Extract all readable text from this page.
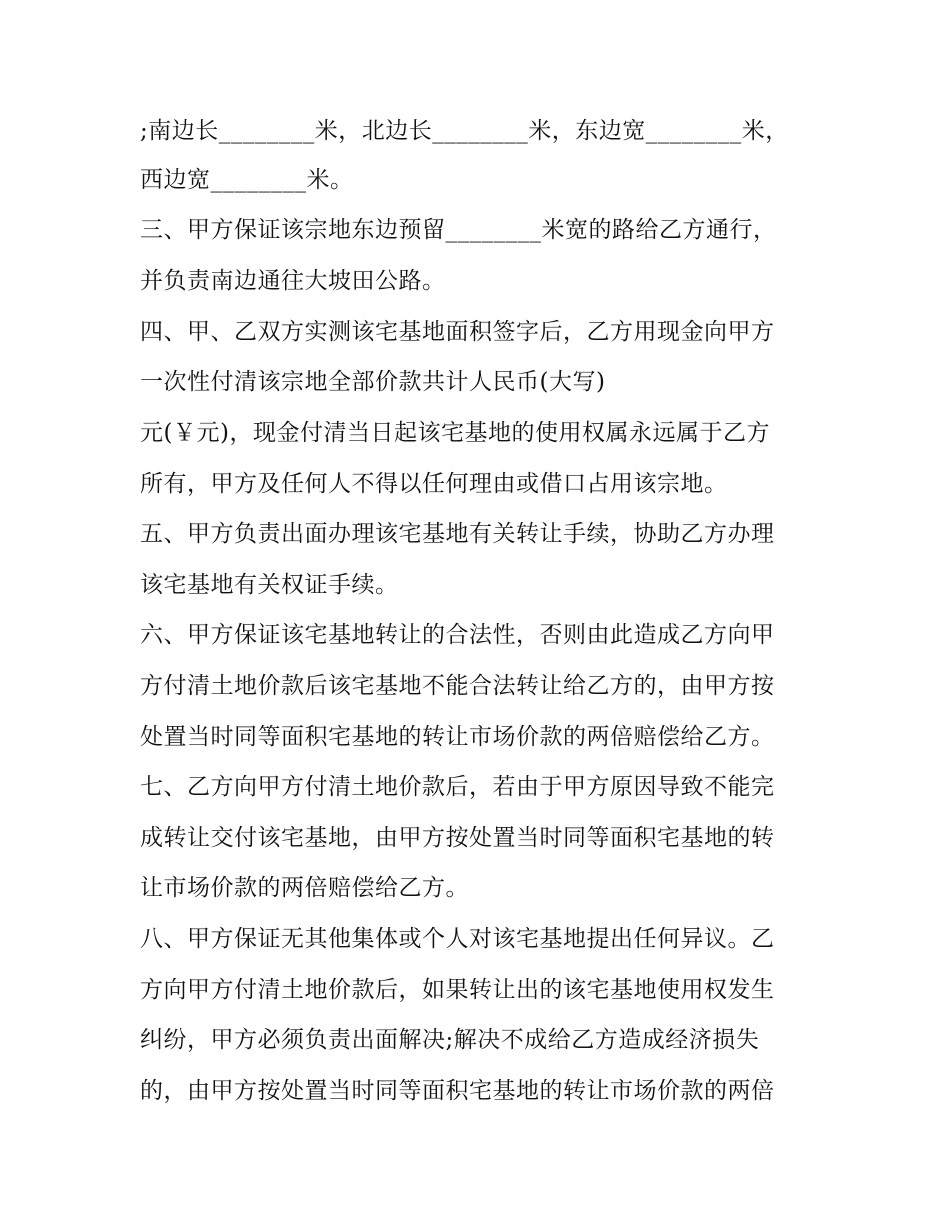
;南边长________米，北边长________米，东边宽________米，
西边宽________米。
三、甲方保证该宗地东边预留________米宽的路给乙方通行，
并负责南边通往大坡田公路。
四、甲、乙双方实测该宅基地面积签字后，乙方用现金向甲方
一次性付清该宗地全部价款共计人民币(大写)
元(￥元)，现金付清当日起该宅基地的使用权属永远属于乙方
所有，甲方及任何人不得以任何理由或借口占用该宗地。
五、甲方负责出面办理该宅基地有关转让手续，协助乙方办理
该宅基地有关权证手续。
六、甲方保证该宅基地转让的合法性，否则由此造成乙方向甲
方付清土地价款后该宅基地不能合法转让给乙方的，由甲方按
处置当时同等面积宅基地的转让市场价款的两倍赔偿给乙方。
七、乙方向甲方付清土地价款后，若由于甲方原因导致不能完
成转让交付该宅基地，由甲方按处置当时同等面积宅基地的转
让市场价款的两倍赔偿给乙方。
八、甲方保证无其他集体或个人对该宅基地提出任何异议。乙
方向甲方付清土地价款后，如果转让出的该宅基地使用权发生
纠纷，甲方必须负责出面解决;解决不成给乙方造成经济损失
的，由甲方按处置当时同等面积宅基地的转让市场价款的两倍
